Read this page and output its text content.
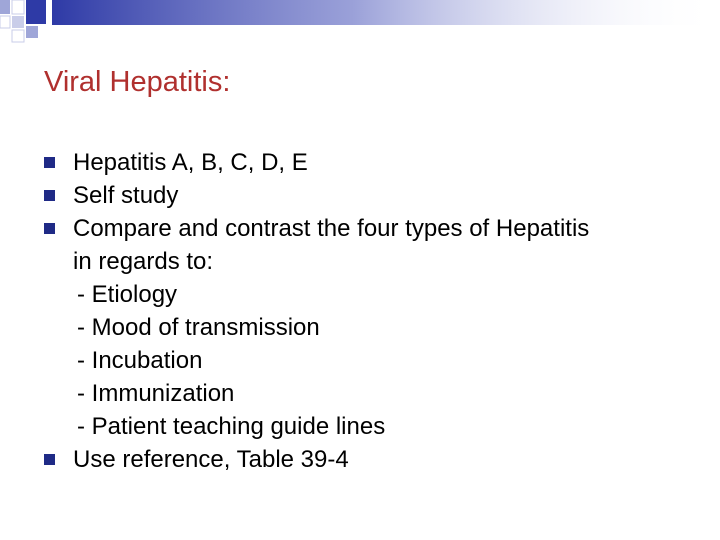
Viral Hepatitis:
Hepatitis A, B, C, D, E
Self study
Compare and contrast the four types of Hepatitis
in regards to:
- Etiology
- Mood of transmission
- Incubation
- Immunization
- Patient teaching guide lines
Use reference, Table 39-4
